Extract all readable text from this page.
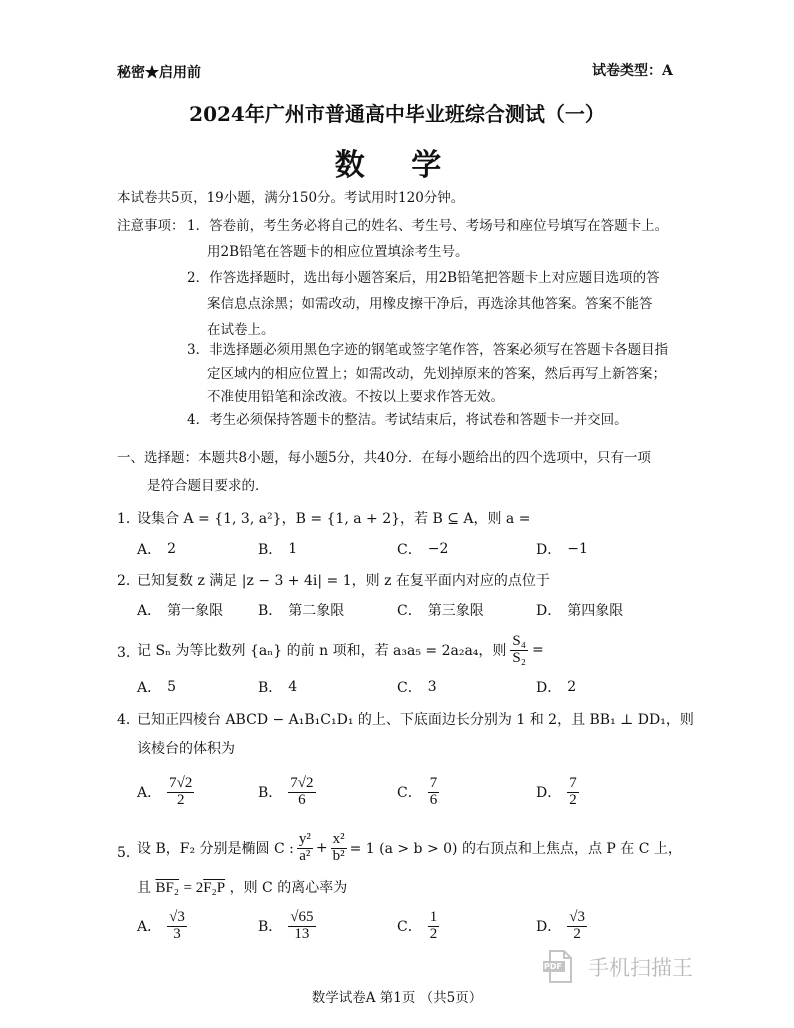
秘密★启用前	试卷类型：A
2024年广州市普通高中毕业班综合测试（一）
数 学
本试卷共5页，19小题，满分150分。考试用时120分钟。
注意事项： 1．答卷前，考生务必将自己的姓名、考生号、考场号和座位号填写在答题卡上。
用2B铅笔在答题卡的相应位置填涂考生号。
2．作答选择题时，选出每小题答案后，用2B铅笔把答题卡上对应题目选项的答
案信息点涂黑；如需改动，用橡皮擦干净后，再选涂其他答案。答案不能答
在试卷上。
3．非选择题必须用黑色字迹的钢笔或签字笔作答，答案必须写在答题卡各题目指
定区域内的相应位置上；如需改动，先划掉原来的答案，然后再写上新答案；
不准使用铅笔和涂改液。不按以上要求作答无效。
4．考生必须保持答题卡的整洁。考试结束后，将试卷和答题卡一并交回。
一、选择题：本题共8小题，每小题5分，共40分．在每小题给出的四个选项中，只有一项
是符合题目要求的．
1．
设集合 A = {1, 3, a²}，B = {1, a + 2}，若 B ⊆ A，则 a =
A． 2	B． 1	C． −2	D． −1
2．
已知复数 z 满足 |z − 3 + 4i| = 1，则 z 在复平面内对应的点位于
A． 第一象限 B． 第二象限	C． 第三象限	D． 第四象限
3．
记 Sₙ 为等比数列 {aₙ} 的前 n 项和，若 a₃a₅ = 2a₂a₄，则 $\frac{\text{S₄}}{\text{S₂}}$ =
A． 5	B． 4	C． 3	D． 2
4．
已知正四棱台 ABCD − A₁B₁C₁D₁ 的上、下底面边长分别为 1 和 2，且 BB₁ ⊥ DD₁，则
该棱台的体积为
A． $\frac{7√2}{2}$	B． $\frac{7√2}{6}$	C． $\frac{7}{6}$	D． $\frac{7}{2}$
5．
设 B，F₂ 分别是椭圆 C : $\frac{\text{y²}}{\text{a²}} + \frac{\text{x²}}{\text{b²}} = 1$ (a > b > 0) 的右顶点和上焦点，点 P 在 C 上，
且 BF₂ = 2F₂P ，则 C 的离心率为
A． $\frac{√3}{3}$	B． $\frac{√65}{13}$	C． $\frac{1}{2}$	D． $\frac{√3}{2}$
数学试卷A 第1页 （共5页）
PDF 手机扫描王
